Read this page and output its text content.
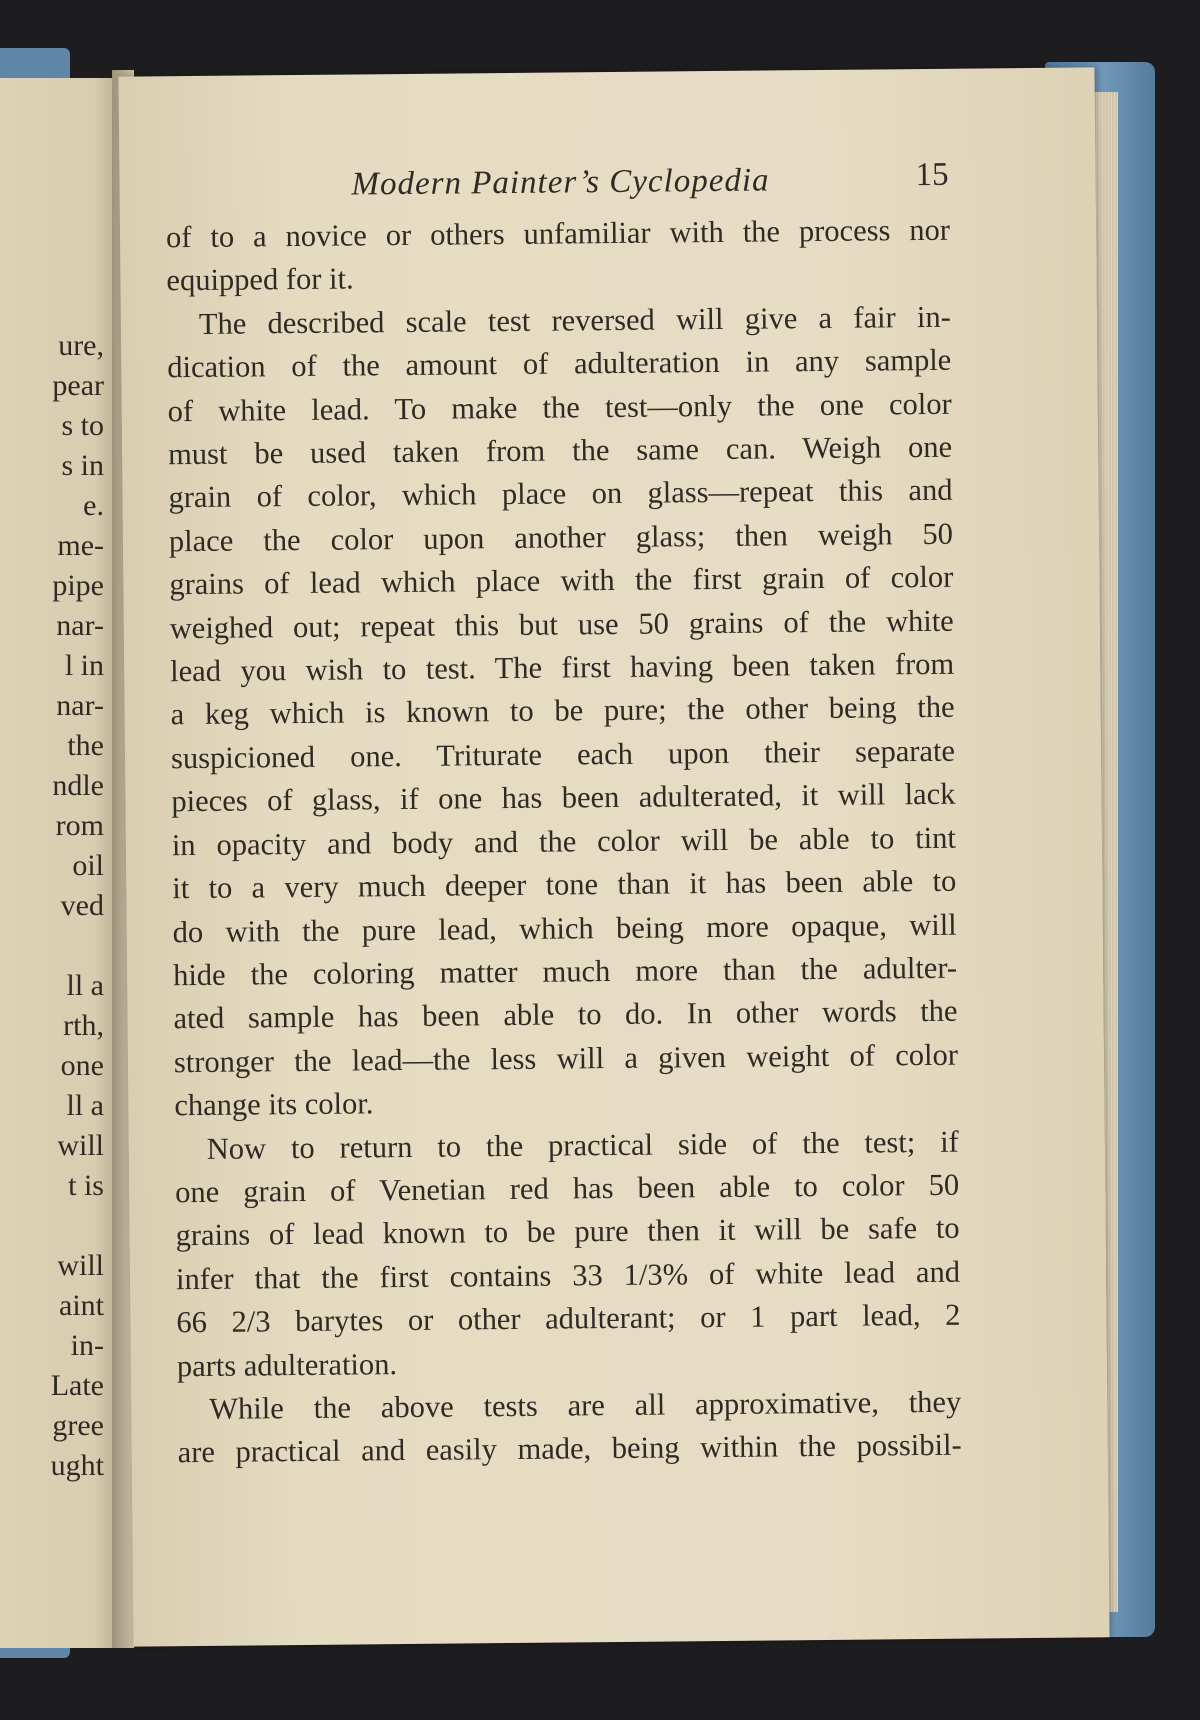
ure,
pear
s to
s in
e.
me-
pipe
nar-
l in
nar-
the
ndle
rom
oil
ved
ll a
rth,
one
ll a
will
t is
will
aint
in-
Late
gree
ught
Modern Painter’s Cyclopedia	15
of to a novice or others unfamiliar with the process nor
equipped for it.
The described scale test reversed will give a fair in-
dication of the amount of adulteration in any sample
of white lead. To make the test—only the one color
must be used taken from the same can. Weigh one
grain of color, which place on glass—repeat this and
place the color upon another glass; then weigh 50
grains of lead which place with the first grain of color
weighed out; repeat this but use 50 grains of the white
lead you wish to test. The first having been taken from
a keg which is known to be pure; the other being the
suspicioned one. Triturate each upon their separate
pieces of glass, if one has been adulterated, it will lack
in opacity and body and the color will be able to tint
it to a very much deeper tone than it has been able to
do with the pure lead, which being more opaque, will
hide the coloring matter much more than the adulter-
ated sample has been able to do. In other words the
stronger the lead—the less will a given weight of color
change its color.
Now to return to the practical side of the test; if
one grain of Venetian red has been able to color 50
grains of lead known to be pure then it will be safe to
infer that the first contains 33 1/3% of white lead and
66 2/3 barytes or other adulterant; or 1 part lead, 2
parts adulteration.
While the above tests are all approximative, they
are practical and easily made, being within the possibil-
